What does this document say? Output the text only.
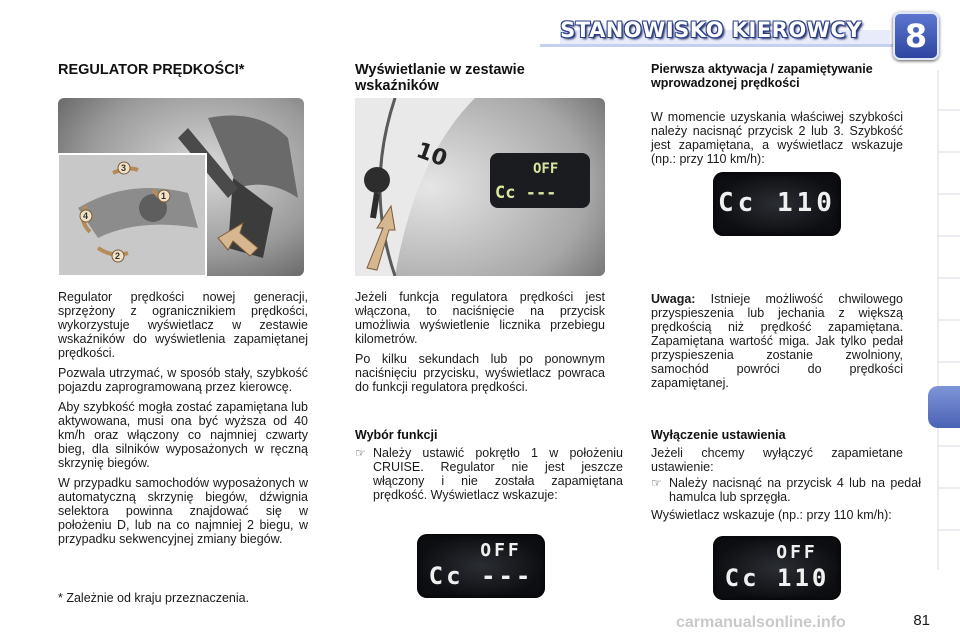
STANOWISKO KIEROWCY	8
REGULATOR PRĘDKOŚCI*
3
1
4
2

Regulator prędkości nowej generacji, sprzężony z ogranicznikiem prędkości, wykorzystuje wyświetlacz w zestawie wskaźników do wyświetlenia zapamiętanej prędkości.

Pozwala utrzymać, w sposób stały, szybkość pojazdu zaprogramowaną przez kierowcę.

Aby szybkość mogła zostać zapamiętana lub aktywowana, musi ona być wyższa od 40 km/h oraz włączony co najmniej czwarty bieg, dla silników wyposażonych w ręczną skrzynię biegów.

W przypadku samochodów wyposażonych w automatyczną skrzynię biegów, dźwignia selektora powinna znajdować się w położeniu D, lub na co najmniej 2 biegu, w przypadku sekwencyjnej zmiany biegów.

* Zależnie od kraju przeznaczenia.
Wyświetlanie w zestawie wskaźników
10	OFF
Cc ---

Jeżeli funkcja regulatora prędkości jest włączona, to naciśnięcie na przycisk umożliwia wyświetlenie licznika przebiegu kilometrów.

Po kilku sekundach lub po ponownym naciśnięciu przycisku, wyświetlacz powraca do funkcji regulatora prędkości.

Wybór funkcji
☞ Należy ustawić pokrętło 1 w położeniu CRUISE. Regulator nie jest jeszcze włączony i nie została zapamiętana prędkość. Wyświetlacz wskazuje:
OFF
Cc ---
Pierwsza aktywacja / zapamiętywanie wprowadzonej prędkości
W momencie uzyskania właściwej szybkości należy nacisnąć przycisk 2 lub 3. Szybkość jest zapamiętana, a wyświetlacz wskazuje (np.: przy 110 km/h):
Cc 110
Uwaga: Istnieje możliwość chwilowego przyspieszenia lub jechania z większą prędkością niż prędkość zapamiętana. Zapamiętana wartość miga. Jak tylko pedał przyspieszenia zostanie zwolniony, samochód powróci do prędkości zapamiętanej.
Wyłączenie ustawienia
Jeżeli chcemy wyłączyć zapamietane ustawienie:
☞ Należy nacisnąć na przycisk 4 lub na pedał hamulca lub sprzęgła.
Wyświetlacz wskazuje (np.: przy 110 km/h):
OFF
Cc 110
carmanualsonline.info	81
